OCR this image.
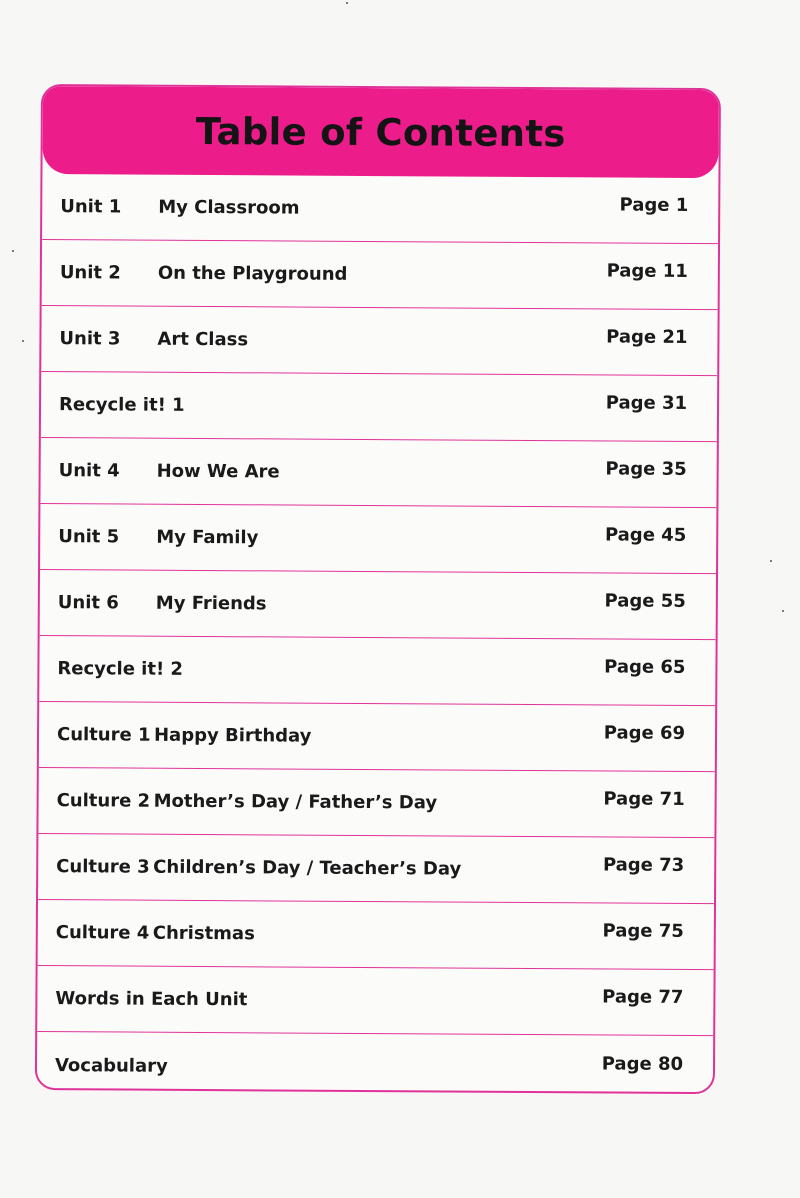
Table of Contents
Unit 1	My Classroom	Page 1
Unit 2	On the Playground	Page 11
Unit 3	Art Class	Page 21
Recycle it! 1	Page 31
Unit 4	How We Are	Page 35
Unit 5	My Family	Page 45
Unit 6	My Friends	Page 55
Recycle it! 2	Page 65
Culture 1 Happy Birthday	Page 69
Culture 2 Mother’s Day / Father’s Day	Page 71
Culture 3 Children’s Day / Teacher’s Day	Page 73
Culture 4 Christmas	Page 75
Words in Each Unit	Page 77
Vocabulary	Page 80
